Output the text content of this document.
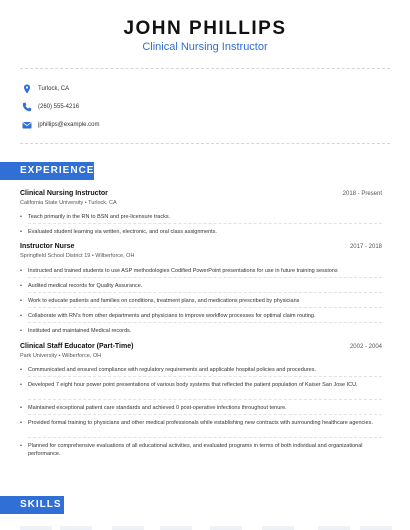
JOHN PHILLIPS
Clinical Nursing Instructor
Turlock, CA
(260) 555-4216
jphillips@example.com
EXPERIENCE
Clinical Nursing Instructor	2018 - Present
California State University • Turlock, CA
• Teach primarily in the RN to BSN and pre-licensure tracks.
• Evaluated student learning via written, electronic, and oral class assignments.
Instructor Nurse	2017 - 2018
Springfield School District 19 • Wilberforce, OH
• Instructed and trained students to use ASP methodologies Codified PowerPoint presentations for use in future training sessions
• Audited medical records for Quality Assurance.
• Work to educate patients and families on conditions, treatment plans, and medications prescribed by physicians
• Collaborate with RN's from other departments and physicians to improve workflow processes for optimal claim routing.
• Instituted and maintained Medical records.
Clinical Staff Educator (Part-Time)	2002 - 2004
Park University • Wilberforce, OH
• Communicated and ensured compliance with regulatory requirements and applicable hospital policies and procedures.
• Developed 7 eight hour power point presentations of various body systems that reflected the patient population of Kaiser San Jose ICU.
• Maintained exceptional patient care standards and achieved 0 post-operative infections throughout tenure.
• Provided formal training to physicians and other medical professionals while establishing new contracts with surrounding healthcare agencies.
• Planned for comprehensive evaluations of all educational activities, and evaluated programs in terms of both individual and organizational performance.
SKILLS
